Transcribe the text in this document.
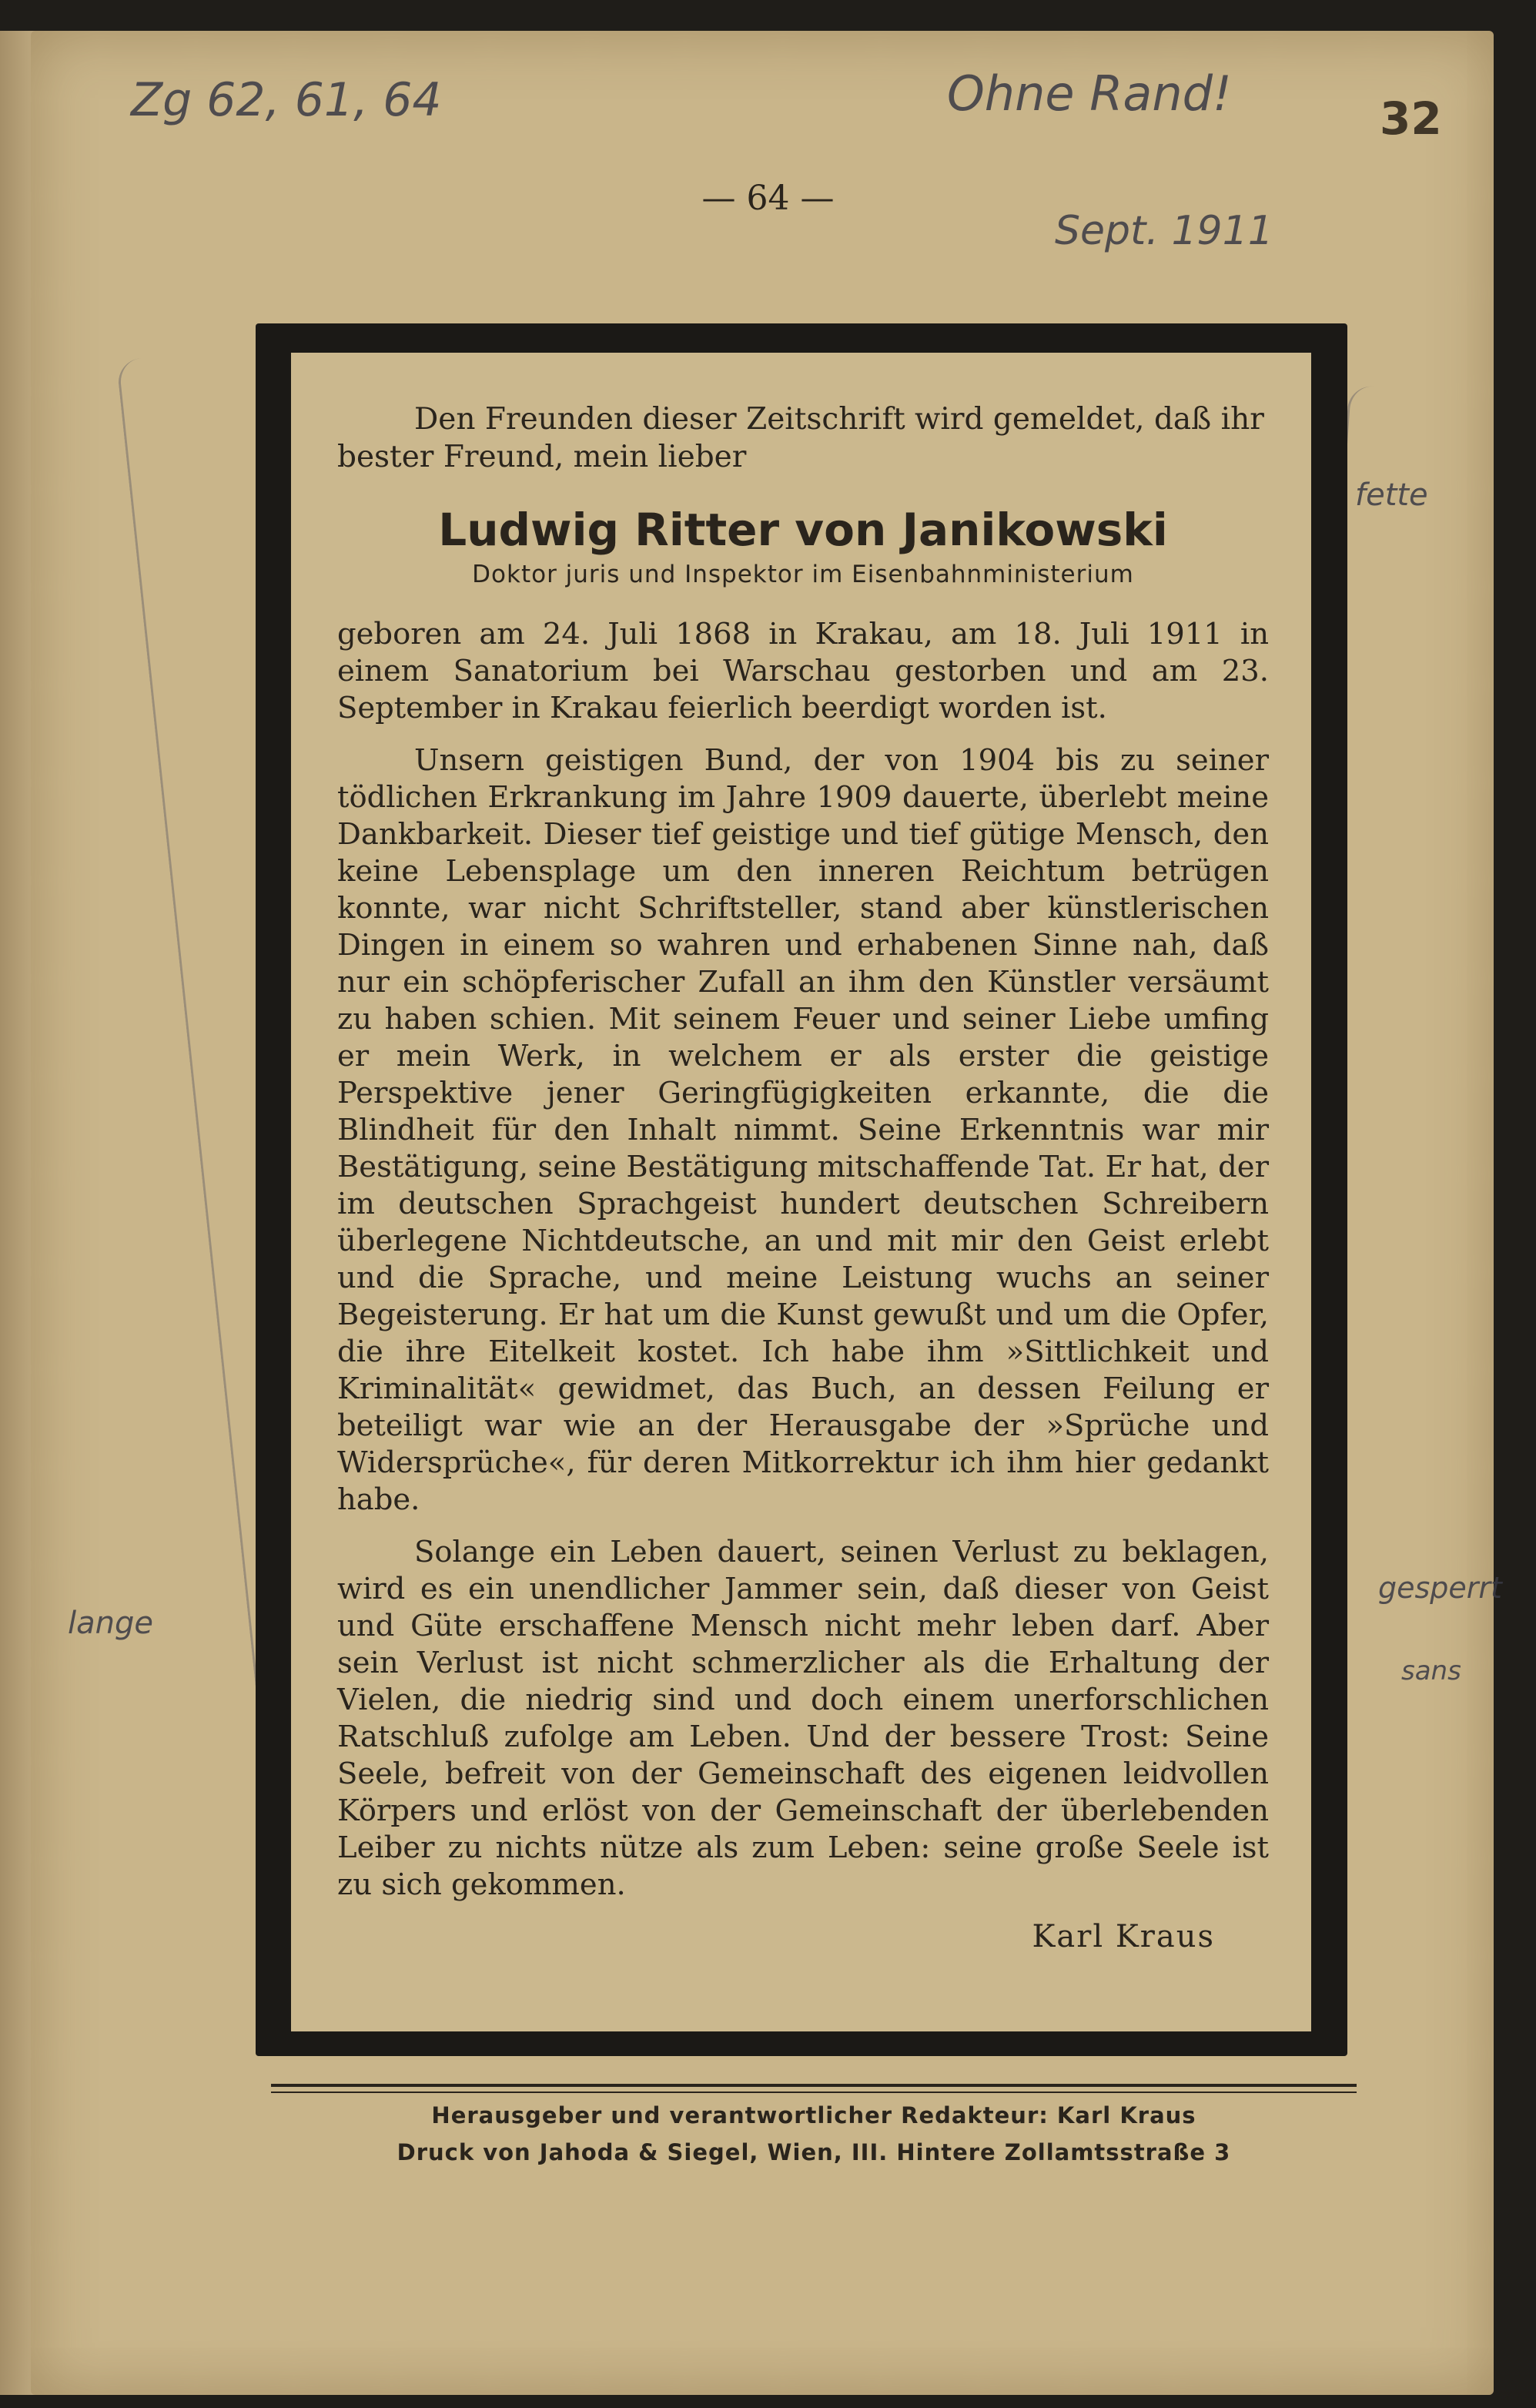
Zg 62, 61, 64	Ohne Rand!
Sept. 1911
32
lange
fette
gesperrt
sans
— 64 —

Den Freunden dieser Zeitschrift wird gemeldet, daß ihr bester Freund, mein lieber

Ludwig Ritter von Janikowski
Doktor juris und Inspektor im Eisenbahnministerium

geboren am 24. Juli 1868 in Krakau, am 18. Juli 1911 in einem Sanatorium bei Warschau gestorben und am 23. September in Krakau feierlich beerdigt worden ist.

Unsern geistigen Bund, der von 1904 bis zu seiner tödlichen Erkrankung im Jahre 1909 dauerte, überlebt meine Dankbarkeit. Dieser tief geistige und tief gütige Mensch, den keine Lebensplage um den inneren Reichtum betrügen konnte, war nicht Schriftsteller, stand aber künstlerischen Dingen in einem so wahren und erhabenen Sinne nah, daß nur ein schöpferischer Zufall an ihm den Künstler versäumt zu haben schien. Mit seinem Feuer und seiner Liebe umfing er mein Werk, in welchem er als erster die geistige Perspektive jener Geringfügigkeiten erkannte, die die Blindheit für den Inhalt nimmt. Seine Erkenntnis war mir Bestätigung, seine Bestätigung mitschaffende Tat. Er hat, der im deutschen Sprachgeist hundert deutschen Schreibern überlegene Nichtdeutsche, an und mit mir den Geist erlebt und die Sprache, und meine Leistung wuchs an seiner Begeisterung. Er hat um die Kunst gewußt und um die Opfer, die ihre Eitelkeit kostet. Ich habe ihm »Sittlichkeit und Kriminalität« gewidmet, das Buch, an dessen Feilung er beteiligt war wie an der Herausgabe der »Sprüche und Widersprüche«, für deren Mitkorrektur ich ihm hier gedankt habe.

Solange ein Leben dauert, seinen Verlust zu beklagen, wird es ein unendlicher Jammer sein, daß dieser von Geist und Güte erschaffene Mensch nicht mehr leben darf. Aber sein Verlust ist nicht schmerzlicher als die Erhaltung der Vielen, die niedrig sind und doch einem unerforschlichen Ratschluß zufolge am Leben. Und der bessere Trost: Seine Seele, befreit von der Gemeinschaft des eigenen leidvollen Körpers und erlöst von der Gemeinschaft der überlebenden Leiber zu nichts nütze als zum Leben: seine große Seele ist zu sich gekommen.

Karl Kraus
Herausgeber und verantwortlicher Redakteur: Karl Kraus
Druck von Jahoda & Siegel, Wien, III. Hintere Zollamtsstraße 3
